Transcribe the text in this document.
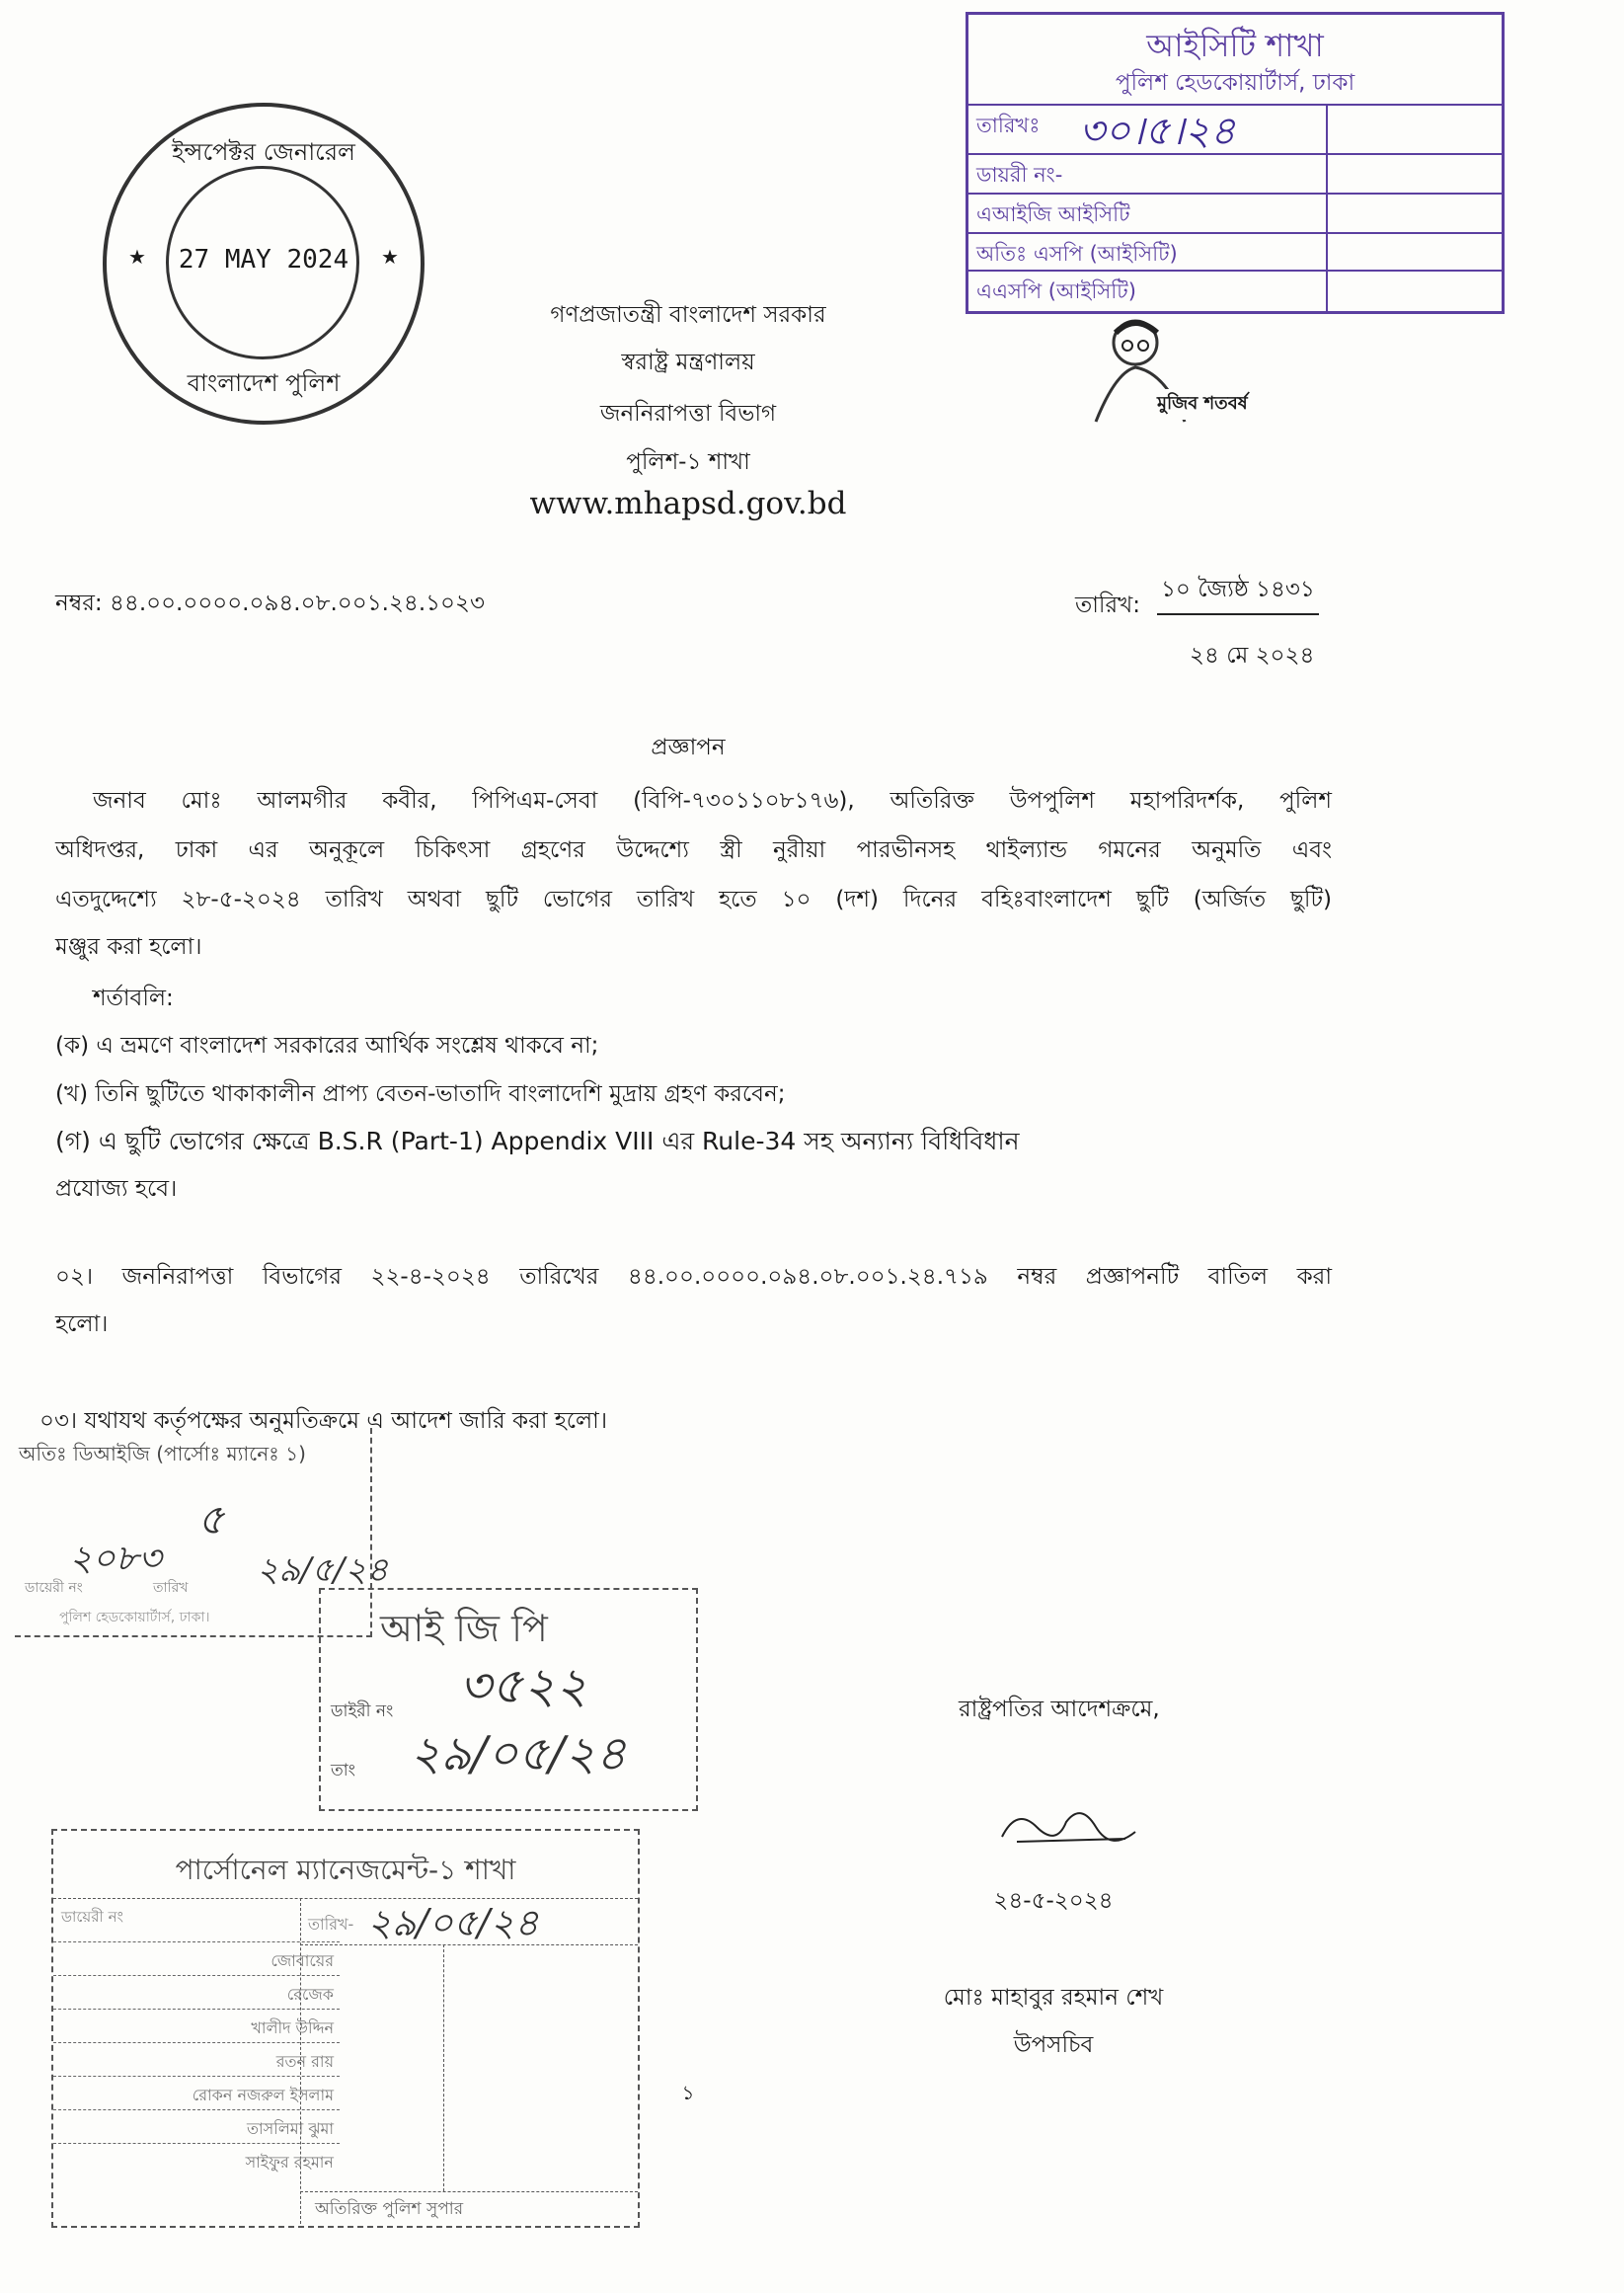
ইন্সপেক্টর জেনারেল
27 MAY 2024
বাংলাদেশ পুলিশ
★	★
আইসিটি শাখা
পুলিশ হেডকোয়ার্টার্স, ঢাকা
তারিখঃ ৩০।৫।২৪
ডায়রী নং-
এআইজি আইসিটি
অতিঃ এসপি (আইসিটি)
এএসপি (আইসিটি)
মুজিব শতবর্ষ
গণপ্রজাতন্ত্রী বাংলাদেশ সরকার
স্বরাষ্ট্র মন্ত্রণালয়
জননিরাপত্তা বিভাগ
পুলিশ-১ শাখা
www.mhapsd.gov.bd
নম্বর: ৪৪.০০.০০০০.০৯৪.০৮.০০১.২৪.১০২৩	তারিখ:
১০ জ্যৈষ্ঠ ১৪৩১
২৪ মে ২০২৪
প্রজ্ঞাপন
জনাব মোঃ আলমগীর কবীর, পিপিএম-সেবা (বিপি-৭৩০১১০৮১৭৬), অতিরিক্ত উপপুলিশ মহাপরিদর্শক, পুলিশ
অধিদপ্তর, ঢাকা এর অনুকূলে চিকিৎসা গ্রহণের উদ্দেশ্যে স্ত্রী নুরীয়া পারভীনসহ থাইল্যান্ড গমনের অনুমতি এবং
এতদুদ্দেশ্যে ২৮-৫-২০২৪ তারিখ অথবা ছুটি ভোগের তারিখ হতে ১০ (দশ) দিনের বহিঃবাংলাদেশ ছুটি (অর্জিত ছুটি)
মঞ্জুর করা হলো।
শর্তাবলি:
(ক) এ ভ্রমণে বাংলাদেশ সরকারের আর্থিক সংশ্লেষ থাকবে না;
(খ) তিনি ছুটিতে থাকাকালীন প্রাপ্য বেতন-ভাতাদি বাংলাদেশি মুদ্রায় গ্রহণ করবেন;
(গ) এ ছুটি ভোগের ক্ষেত্রে B.S.R (Part-1) Appendix VIII এর Rule-34 সহ অন্যান্য বিধিবিধান
প্রযোজ্য হবে।
০২। জননিরাপত্তা বিভাগের ২২-৪-২০২৪ তারিখের ৪৪.০০.০০০০.০৯৪.০৮.০০১.২৪.৭১৯ নম্বর প্রজ্ঞাপনটি বাতিল করা
হলো।
০৩। যথাযথ কর্তৃপক্ষের অনুমতিক্রমে এ আদেশ জারি করা হলো।
অতিঃ ডিআইজি (পার্সোঃ ম্যানেঃ ১)
৫
ডায়েরী নং
২০৮৩
তারিখ ২৯/৫/২৪
পুলিশ হেডকোয়ার্টার্স, ঢাকা।	আই জি পি
ডাইরী নং ৩৫২২
তাং ২৯/০৫/২৪
পার্সোনেল ম্যানেজমেন্ট-১ শাখা
ডায়েরী নং	তারিখ- ২৯/০৫/২৪
অতিরিক্ত পুলিশ সুপার
জোবায়ের
রেজেক
খালীদ উদ্দিন
রতন রায়
রোকন নজরুল ইসলাম
তাসলিমা ঝুমা
সাইফুর রহমান
রাষ্ট্রপতির আদেশক্রমে,
২৪-৫-২০২৪
মোঃ মাহাবুর রহমান শেখ
উপসচিব
১
